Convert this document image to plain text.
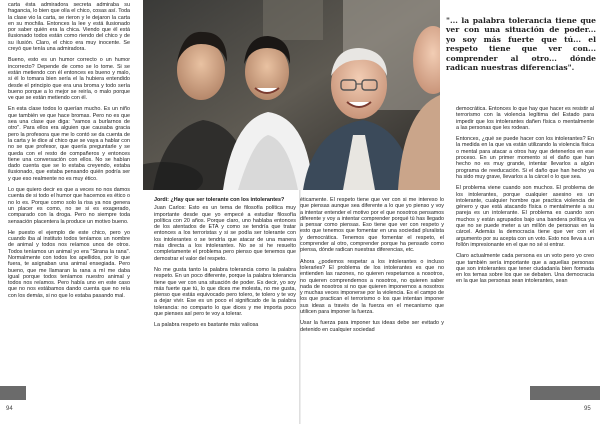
carta ésta admiradora secreta admiraba su fragancia, lo bien que olía el chico, cosas así. Toda la clase vio la carta, se rieron y le dejaron la carta en su mochila. Entonces la lee y está ilusionado por saber quién era la chica. Viendo que él está ilusionado todos están como riendo del chico y de su ilusión. Claro, el chico era muy inocente. Se creyó que tenía una admiradora.

Bueno, esto es un humor correcto o un humor incorrecto? Depende de como se lo tome. Si se están metiendo con él entonces es bueno y malo, si él lo tomara bien sería el la hubiera entendido desde el principio que era una broma y todo sería bueno porque a lo mejor se reiría, o malo porque ve que se están metiendo con él.

En esta clase todos lo querían mucho. Es un niño que también ve que hace bromas. Pero no es que sea una clase que diga: "vamos a burlarnos de otro". Para ellos era alguien que causaba gracia pero la profesora que me lo contó se da cuenta de la carta y le dice al chico que se vaya a hablar con no se que profesor, que quería preguntarle y se queda con el resto de compañeros y entonces tiene una conversación con ellos. No se habían dado cuenta que se lo estaba creyendo, estaba ilusionado, que estaba pensando quién podría ser y que eso realmente no es muy ético.

Lo que quiero decir es que a veces no nos damos cuenta de si todo el humor que hacemos es ético o no lo es. Porque como solo la risa ya nos genera un placer es como, no se si es exagerado, comparado con la droga. Pero no siempre toda sensación placentera la produce un motivo bueno.

He puesto el ejemplo de este chico, pero yo cuando iba al instituto todos teníamos un nombre de animal y todos nos reíamos unos de otros. Todos teníamos un animal yo era "Sirana la rana". Normalmente con todos los apellidos, por lo que fuera, te asignaban una animal ensegiada. Pero bueno, que me llamaran la rana a mí me daba igual porque todos teníamos nuestro animal y todos nos reíamos. Pero había uno en este caso que no nos estábamos dando cuenta que no reía con los demás, si no que lo estaba pasando mal.

Jordi: ¿Hay que ser tolerante con los intolerantes?

Juan Carlos: Esto es un tema de filosofía política muy importante desde que yo empecé a estudiar filosofía política con 20 años. Porque claro, uno hablaba entonces de los atentados de ETA y como se tendría que tratar entonces a los terroristas y si se podía ser tolerante con los intolerantes o se tendría que atacar de una manera más directa a los intolerantes. No se si he resuelto completamente el problema pero pienso que tenemos que demostrar el valor del respeto.

No me gusta tanto la palabra tolerancia como la palabra respeto. En un poco diferente, porque la palabra tolerancia tiene que ver con una situación de poder. Es decir, yo soy más fuerte que tú, lo que dices me molesta, no me gusta, pienso que estás equivocado pero tolero, te tolero y te voy a dejar vivir. Ese es un poco el significado de la palabra tolerancia: no comparto lo que dices y me importa poco que pienses así pero te voy a tolerar.

La palabra respeto es bastante más valiosa

éticamente. El respeto tiene que ver con si me intereso lo que piensas aunque sea diferente a lo que yo pienso y voy a intentar entender el motivo por el que nosotros pensamos diferente y voy a intentar comprender porqué tú has llegado a pensar como piensas. Eso tiene que ver con respeto y esto que tenemos que fomentar en una sociedad pluralista y democrática. Tenemos que fomentar el respeto, el comprender al otro, comprender porque ha pensado como piensa, dónde radican nuestras diferencias, etc.

Ahora ¿podemos respetar a los intolerantes o incluso tolerarles? El problema de los intolerantes es que no entienden las razones, no quieren respetarnos a nosotros, no quieren comprendernos a nosotros, no quieren saber nada de nosotros si no que quieren imponernos a nosotros y muchas veces imponerse por la violencia. Es el campo de los que practican el terrorismo o los que intentan imponer sus ideas a través de la fuerza en el mecanismo que utilicen para imponer la fuerza.

Usar la fuerza para imponer tus ideas debe ser evitado y detenido en cualquier sociedad

"... la palabra tolerancia tiene que ver con una situación de poder... yo soy más fuerte que tú... el respeto tiene que ver con... comprender al otro... dónde radican nuestras diferencias".

democrática. Entonces lo que hay que hacer es resistir al terrorismo con la violencia legítima del Estado para impedir que los intolerantes dañen física o mentalmente a las personas que les rodean.

Entonces, ¿qué se puede hacer con los intolerantes? En la medida en la que va están utilizando la violencia física o mental para atacar a otros hay que detenerlos en ese proceso. En un primer momento si el daño que han hecho no es muy grande, intentar llevarlos a algún programa de reeducación. Si el daño que han hecho ya ha sido muy grave, llevarlos a la cárcel o lo que sea.

El problema viene cuando son muchos. El problema de los intolerantes, porque cualquier asesino es un intolerante, cualquier hombre que practica violencia de género y que está atacando física o mentalmente a su pareja es un intolerante. El problema es cuando son muchos y están agrupados bajo una bandera política ya que no se puede meter a un millón de personas en la cárcel. Además la democracia tiene que ver con el argumento por su acepta con un voto. Esto nos lleva a un follón impresionante en el que no sé si entrar.

Claro actualmente cada persona es un voto pero yo creo que también sería importante que a aquellas personas que son intolerantes que tener ciudadanía bien formada en los temas sobre los que se debaten. Una democracia en la que las personas sean intolerantes, sean

94	95
